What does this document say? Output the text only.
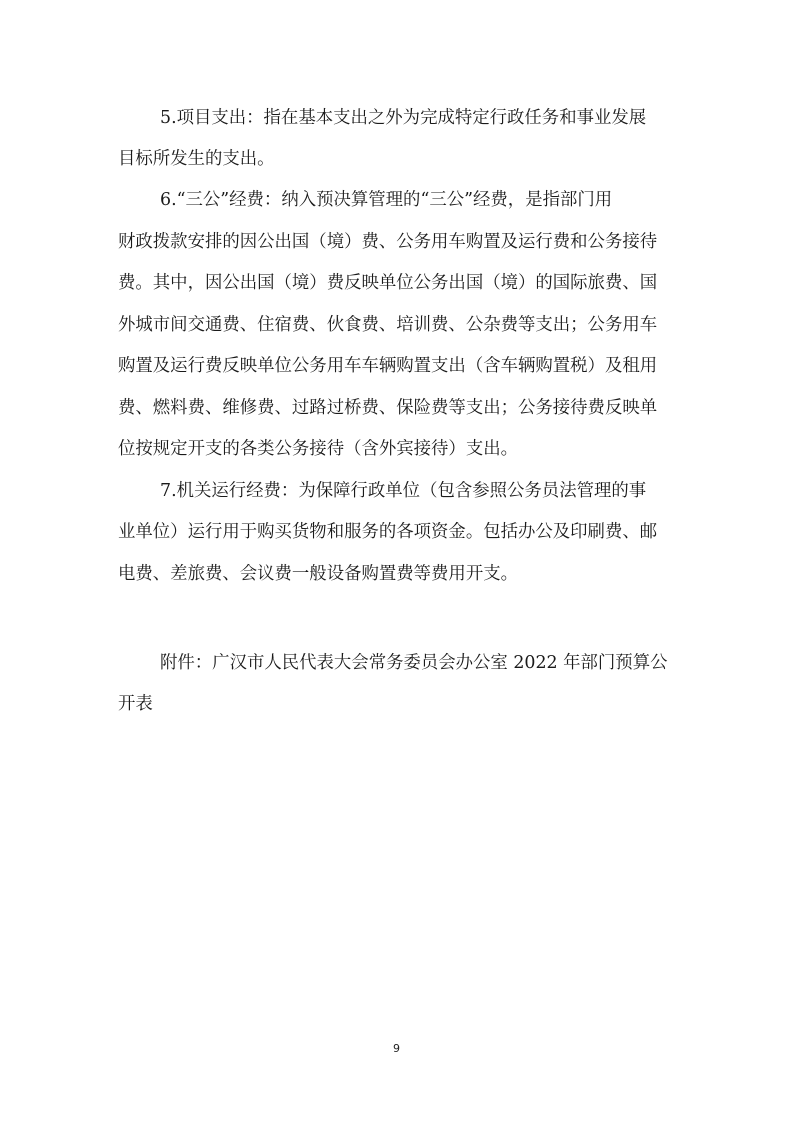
5.项目支出：指在基本支出之外为完成特定行政任务和事业发展
目标所发生的支出。
6.“三公”经费：纳入预决算管理的“三公”经费，是指部门用
财政拨款安排的因公出国（境）费、公务用车购置及运行费和公务接待
费。其中，因公出国（境）费反映单位公务出国（境）的国际旅费、国
外城市间交通费、住宿费、伙食费、培训费、公杂费等支出；公务用车
购置及运行费反映单位公务用车车辆购置支出（含车辆购置税）及租用
费、燃料费、维修费、过路过桥费、保险费等支出；公务接待费反映单
位按规定开支的各类公务接待（含外宾接待）支出。
7.机关运行经费：为保障行政单位（包含参照公务员法管理的事
业单位）运行用于购买货物和服务的各项资金。包括办公及印刷费、邮
电费、差旅费、会议费一般设备购置费等费用开支。
附件：广汉市人民代表大会常务委员会办公室 2022 年部门预算公
开表
9
